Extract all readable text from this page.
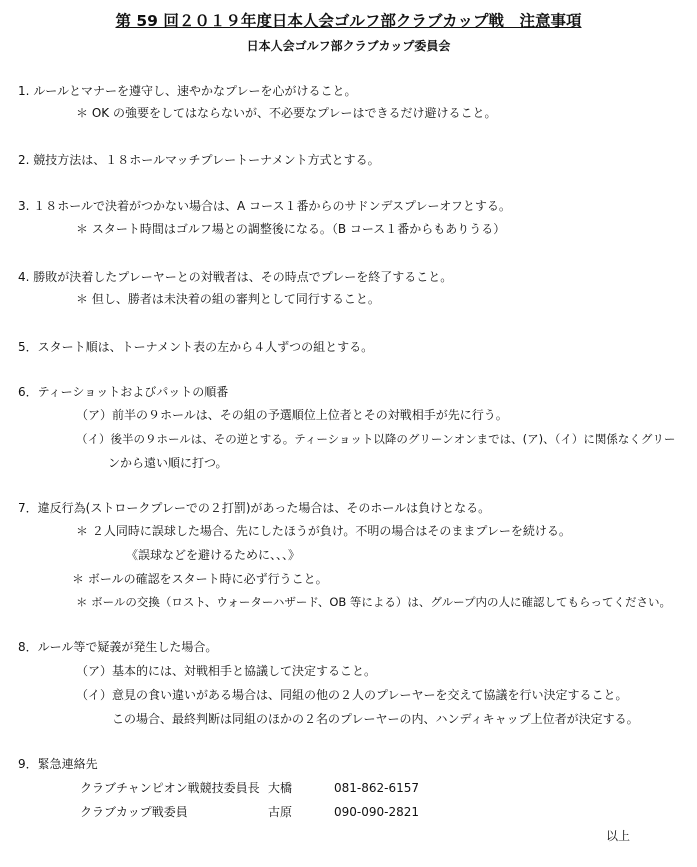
第 59 回２０１９年度日本人会ゴルフ部クラブカップ戦　注意事項
日本人会ゴルフ部クラブカップ委員会
1. ルールとマナーを遵守し、速やかなプレーを心がけること。
＊ OK の強要をしてはならないが、不必要なプレーはできるだけ避けること。
2. 競技方法は、１８ホールマッチプレートーナメント方式とする。
3. １８ホールで決着がつかない場合は、A コース１番からのサドンデスプレーオフとする。
＊ スタート時間はゴルフ場との調整後になる。（B コース１番からもありうる）
4. 勝敗が決着したプレーヤーとの対戦者は、その時点でプレーを終了すること。
＊ 但し、勝者は未決着の組の審判として同行すること。
5．スタート順は、トーナメント表の左から４人ずつの組とする。
6．ティーショットおよびパットの順番
（ア）前半の９ホールは、その組の予選順位上位者とその対戦相手が先に行う。
（イ）後半の９ホールは、その逆とする。ティーショット以降のグリーンオンまでは、(ア)、（イ）に関係なくグリー
ンから遠い順に打つ。
7．違反行為(ストロークプレーでの２打罰)があった場合は、そのホールは負けとなる。
＊ ２人同時に誤球した場合、先にしたほうが負け。不明の場合はそのままプレーを続ける。
《誤球などを避けるために、、、》
＊ ボールの確認をスタート時に必ず行うこと。
＊ ボールの交換（ロスト、ウォーターハザード、OB 等による）は、グループ内の人に確認してもらってください。
8．ルール等で疑義が発生した場合。
（ア）基本的には、対戦相手と協議して決定すること。
（イ）意見の食い違いがある場合は、同組の他の２人のプレーヤーを交えて協議を行い決定すること。
この場合、最終判断は同組のほかの２名のプレーヤーの内、ハンディキャップ上位者が決定する。
9．緊急連絡先
クラブチャンピオン戦競技委員長 大橋	081-862-6157
クラブカップ戦委員	古原	090-090-2821
以上
